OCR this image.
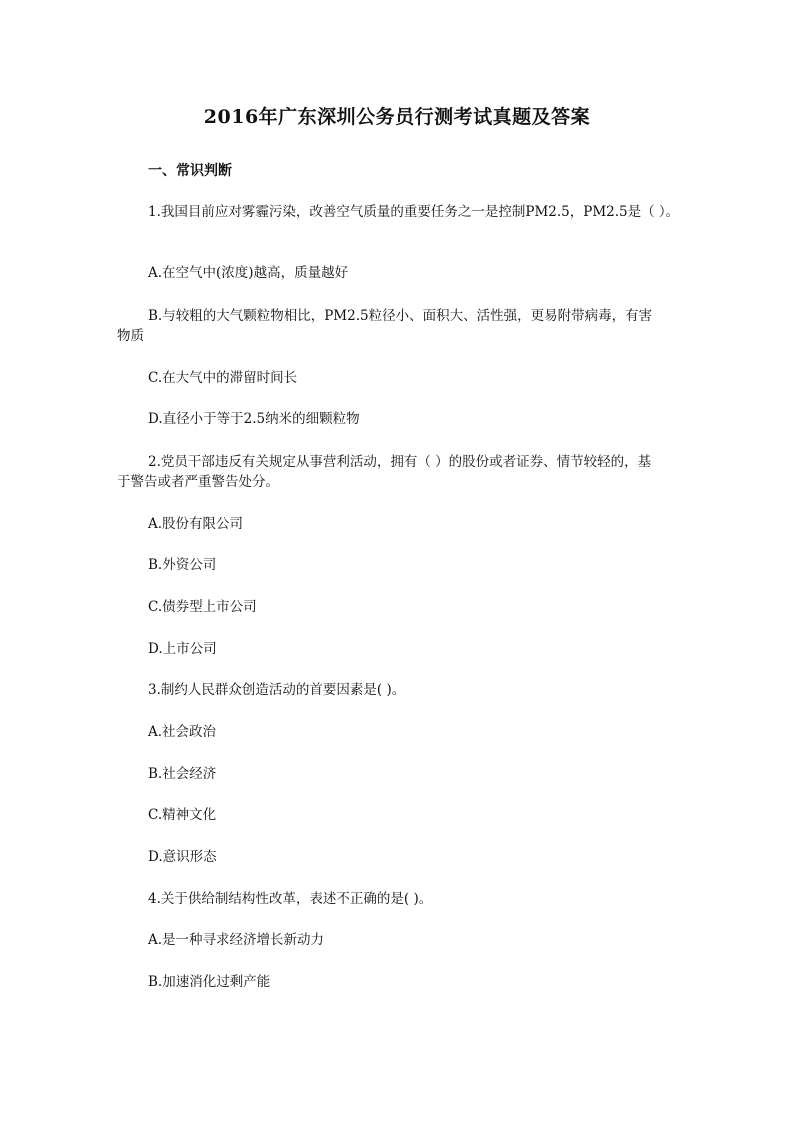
2016年广东深圳公务员行测考试真题及答案
一、常识判断
1.我国目前应对雾霾污染，改善空气质量的重要任务之一是控制PM2.5，PM2.5是（ ）。
A.在空气中(浓度)越高，质量越好
B.与较粗的大气颗粒物相比，PM2.5粒径小、面积大、活性强，更易附带病毒，有害
物质
C.在大气中的滞留时间长
D.直径小于等于2.5纳米的细颗粒物
2.党员干部违反有关规定从事营利活动，拥有（ ）的股份或者证券、情节较轻的，基
于警告或者严重警告处分。
A.股份有限公司
B.外资公司
C.债券型上市公司
D.上市公司
3.制约人民群众创造活动的首要因素是( )。
A.社会政治
B.社会经济
C.精神文化
D.意识形态
4.关于供给制结构性改革，表述不正确的是( )。
A.是一种寻求经济增长新动力
B.加速消化过剩产能
